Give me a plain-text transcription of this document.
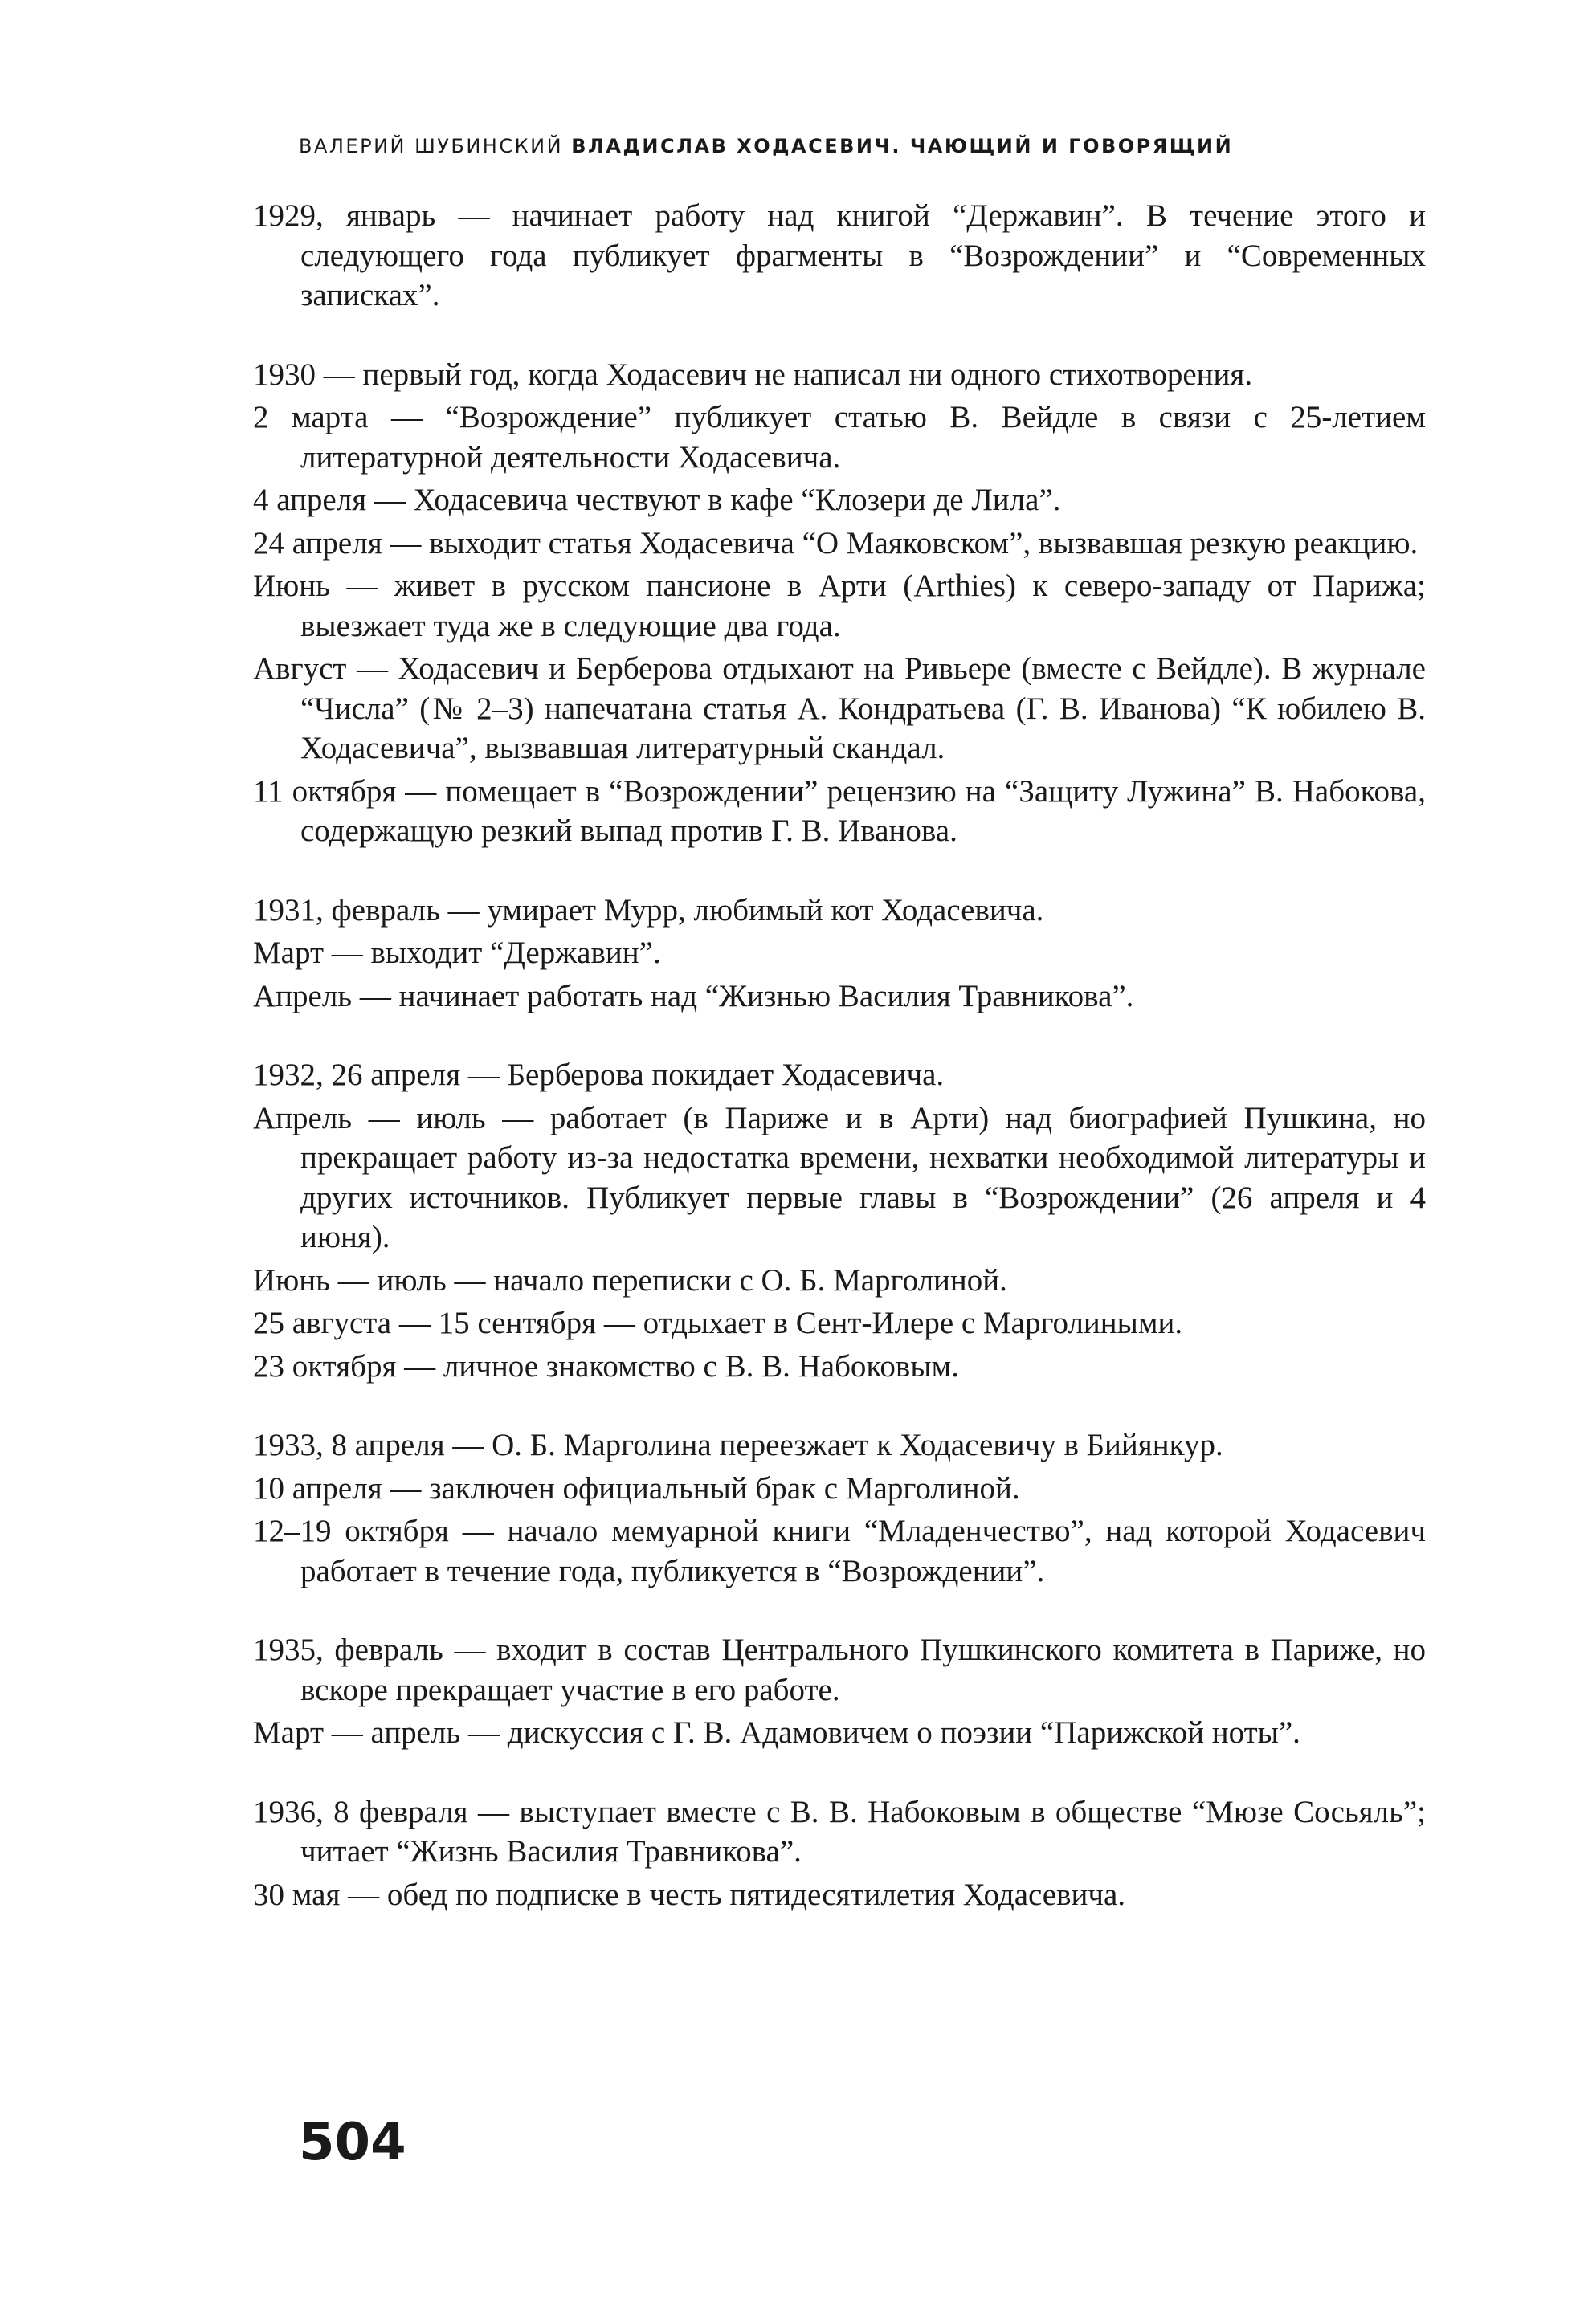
ВАЛЕРИЙ ШУБИНСКИЙ ВЛАДИСЛАВ ХОДАСЕВИЧ. ЧАЮЩИЙ И ГОВОРЯЩИЙ

1929, январь — начинает работу над книгой “Державин”. В течение этого и следующего года публикует фрагменты в “Возрождении” и “Современных записках”.

1930 — первый год, когда Ходасевич не написал ни одного стихотворения.

2 марта — “Возрождение” публикует статью В. Вейдле в связи с 25-летием литературной деятельности Ходасевича.

4 апреля — Ходасевича чествуют в кафе “Клозери де Лила”.

24 апреля — выходит статья Ходасевича “О Маяковском”, вызвавшая резкую реакцию.

Июнь — живет в русском пансионе в Арти (Arthies) к северо-западу от Парижа; выезжает туда же в следующие два года.

Август — Ходасевич и Берберова отдыхают на Ривьере (вместе с Вейдле). В журнале “Числа” (№ 2–3) напечатана статья А. Кондратьева (Г. В. Иванова) “К юбилею В. Ходасевича”, вызвавшая литературный скандал.

11 октября — помещает в “Возрождении” рецензию на “Защиту Лужина” В. Набокова, содержащую резкий выпад против Г. В. Иванова.

1931, февраль — умирает Мурр, любимый кот Ходасевича.

Март — выходит “Державин”.

Апрель — начинает работать над “Жизнью Василия Травникова”.

1932, 26 апреля — Берберова покидает Ходасевича.

Апрель — июль — работает (в Париже и в Арти) над биографией Пушкина, но прекращает работу из-за недостатка времени, нехватки необходимой литературы и других источников. Публикует первые главы в “Возрождении” (26 апреля и 4 июня).

Июнь — июль — начало переписки с О. Б. Марголиной.

25 августа — 15 сентября — отдыхает в Сент-Илере с Марголиными.

23 октября — личное знакомство с В. В. Набоковым.

1933, 8 апреля — О. Б. Марголина переезжает к Ходасевичу в Бийянкур.

10 апреля — заключен официальный брак с Марголиной.

12–19 октября — начало мемуарной книги “Младенчество”, над которой Ходасевич работает в течение года, публикуется в “Возрождении”.

1935, февраль — входит в состав Центрального Пушкинского комитета в Париже, но вскоре прекращает участие в его работе.

Март — апрель — дискуссия с Г. В. Адамовичем о поэзии “Парижской ноты”.

1936, 8 февраля — выступает вместе с В. В. Набоковым в обществе “Мюзе Сосьяль”; читает “Жизнь Василия Травникова”.

30 мая — обед по подписке в честь пятидесятилетия Ходасевича.

504
